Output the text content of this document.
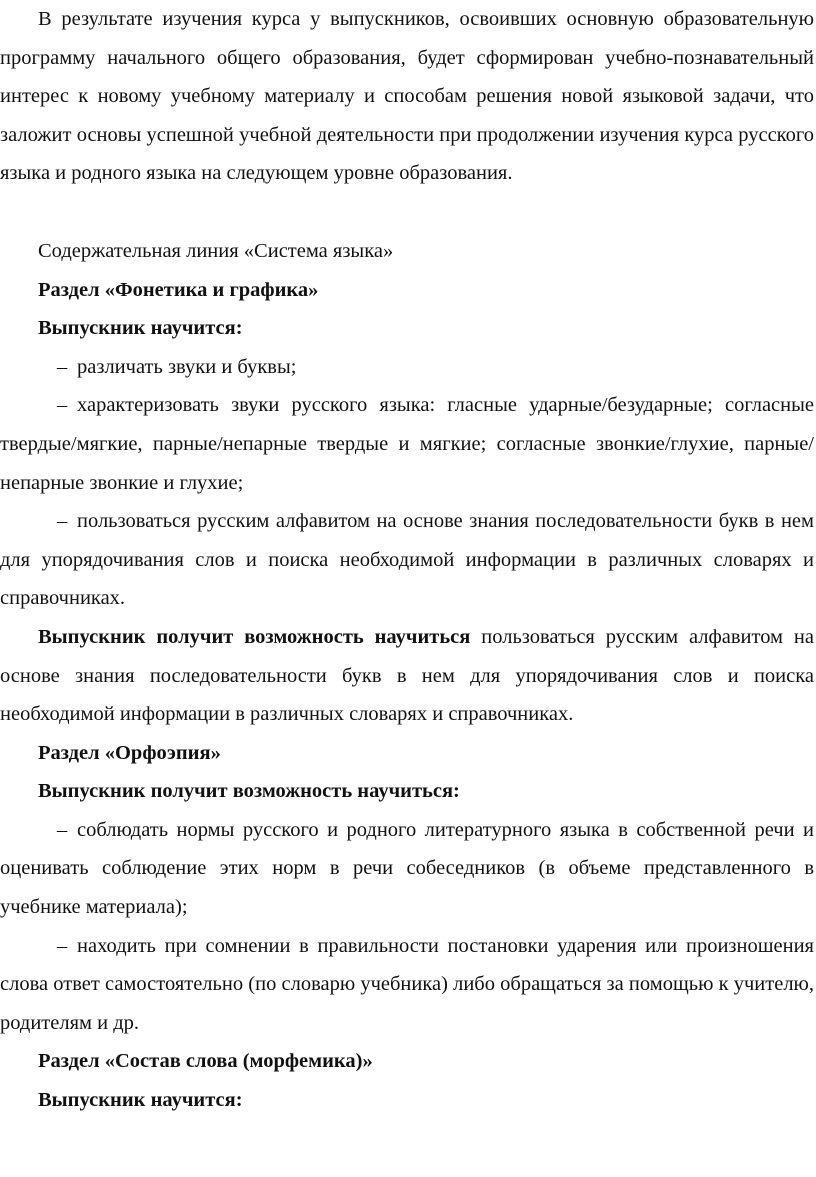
В результате изучения курса у выпускников, освоивших основную образовательную программу начального общего образования, будет сформирован учебно-познавательный интерес к новому учебному материалу и способам решения новой языковой задачи, что заложит основы успешной учебной деятельности при продолжении изучения курса русского языка и родного языка на следующем уровне образования.

Содержательная линия «Система языка»

Раздел «Фонетика и графика»

Выпускник научится:

– различать звуки и буквы;

– характеризовать звуки русского языка: гласные ударные/безударные; согласные твердые/мягкие, парные/непарные твердые и мягкие; согласные звонкие/глухие, парные/непарные звонкие и глухие;

– пользоваться русским алфавитом на основе знания последовательности букв в нем для упорядочивания слов и поиска необходимой информации в различных словарях и справочниках.

Выпускник получит возможность научиться пользоваться русским алфавитом на основе знания последовательности букв в нем для упорядочивания слов и поиска необходимой информации в различных словарях и справочниках.

Раздел «Орфоэпия»

Выпускник получит возможность научиться:

– соблюдать нормы русского и родного литературного языка в собственной речи и оценивать соблюдение этих норм в речи собеседников (в объеме представленного в учебнике материала);

– находить при сомнении в правильности постановки ударения или произношения слова ответ самостоятельно (по словарю учебника) либо обращаться за помощью к учителю, родителям и др.

Раздел «Состав слова (морфемика)»

Выпускник научится:
